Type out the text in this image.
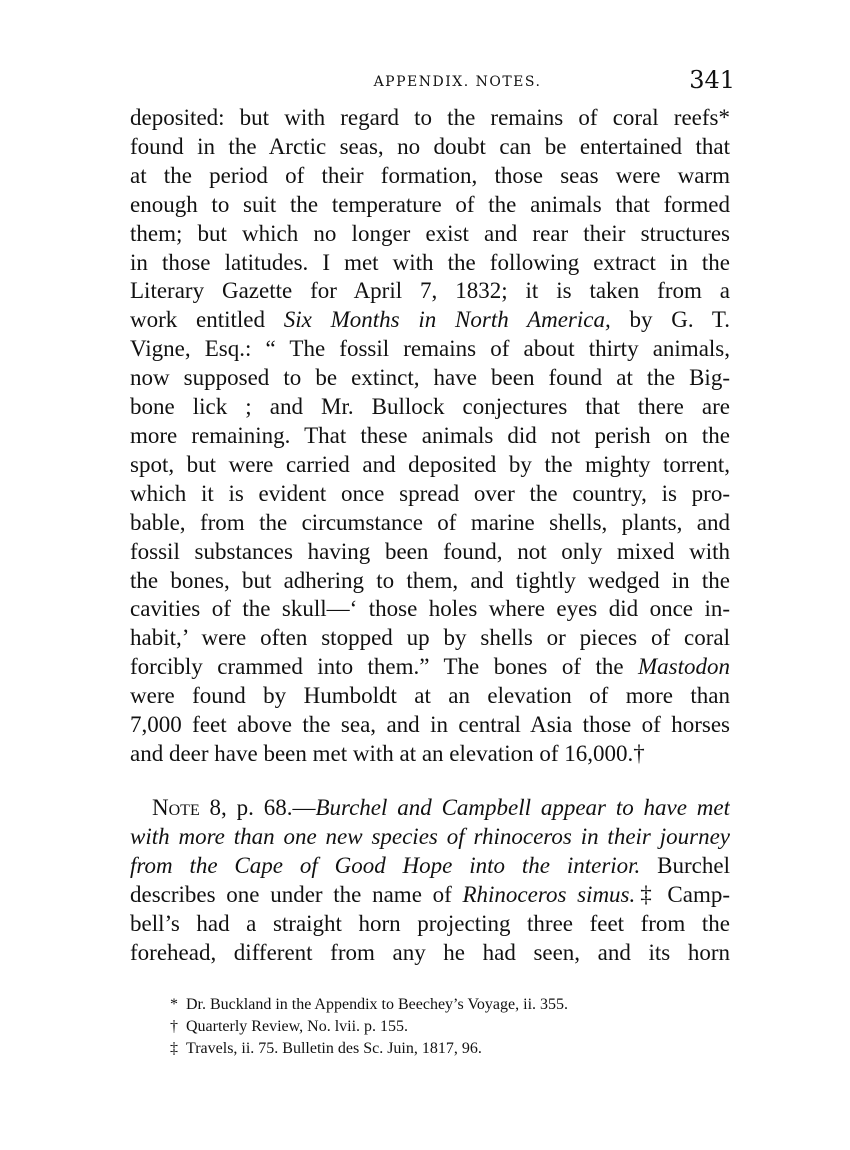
APPENDIX. NOTES.	341
deposited: but with regard to the remains of coral reefs*
found in the Arctic seas, no doubt can be entertained that
at the period of their formation, those seas were warm
enough to suit the temperature of the animals that formed
them; but which no longer exist and rear their structures
in those latitudes. I met with the following extract in the
Literary Gazette for April 7, 1832; it is taken from a
work entitled Six Months in North America, by G. T.
Vigne, Esq.: “ The fossil remains of about thirty animals,
now supposed to be extinct, have been found at the Big-
bone lick ; and Mr. Bullock conjectures that there are
more remaining. That these animals did not perish on the
spot, but were carried and deposited by the mighty torrent,
which it is evident once spread over the country, is pro-
bable, from the circumstance of marine shells, plants, and
fossil substances having been found, not only mixed with
the bones, but adhering to them, and tightly wedged in the
cavities of the skull—‘ those holes where eyes did once in-
habit,’ were often stopped up by shells or pieces of coral
forcibly crammed into them.” The bones of the Mastodon
were found by Humboldt at an elevation of more than
7,000 feet above the sea, and in central Asia those of horses
and deer have been met with at an elevation of 16,000.†
Note 8, p. 68.—Burchel and Campbell appear to have met
with more than one new species of rhinoceros in their journey
from the Cape of Good Hope into the interior. Burchel
describes one under the name of Rhinoceros simus.‡ Camp-
bell’s had a straight horn projecting three feet from the
forehead, different from any he had seen, and its horn
* Dr. Buckland in the Appendix to Beechey’s Voyage, ii. 355.
† Quarterly Review, No. lvii. p. 155.
‡ Travels, ii. 75. Bulletin des Sc. Juin, 1817, 96.
